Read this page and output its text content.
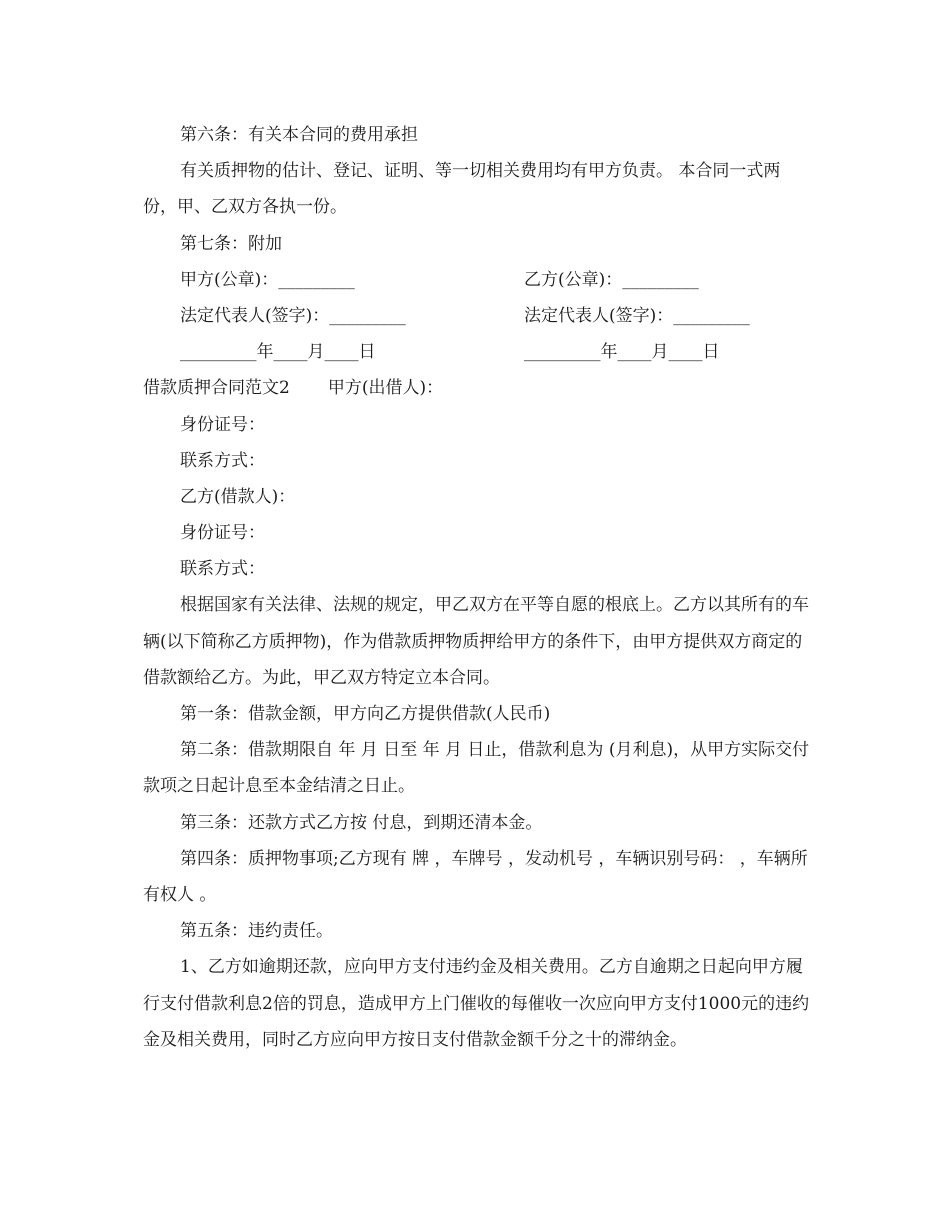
第六条：有关本合同的费用承担

有关质押物的估计、登记、证明、等一切相关费用均有甲方负责。 本合同一式两份，甲、乙双方各执一份。

第七条：附加
甲方(公章)：_________	乙方(公章)：_________
法定代表人(签字)：_________	法定代表人(签字)：_________
_________年____月____日	_________年____月____日
借款质押合同范文2 甲方(出借人)：
身份证号：
联系方式：
乙方(借款人)：
身份证号：
联系方式：

根据国家有关法律、法规的规定，甲乙双方在平等自愿的根底上。乙方以其所有的车辆(以下简称乙方质押物)，作为借款质押物质押给甲方的条件下，由甲方提供双方商定的借款额给乙方。为此，甲乙双方特定立本合同。

第一条：借款金额，甲方向乙方提供借款(人民币)

第二条：借款期限自 年 月 日至 年 月 日止，借款利息为 (月利息)，从甲方实际交付款项之日起计息至本金结清之日止。

第三条：还款方式乙方按 付息，到期还清本金。

第四条：质押物事项;乙方现有 牌 ，车牌号 ，发动机号 ，车辆识别号码： ，车辆所有权人 。

第五条：违约责任。

1、乙方如逾期还款，应向甲方支付违约金及相关费用。乙方自逾期之日起向甲方履行支付借款利息2倍的罚息，造成甲方上门催收的每催收一次应向甲方支付1000元的违约金及相关费用，同时乙方应向甲方按日支付借款金额千分之十的滞纳金。
